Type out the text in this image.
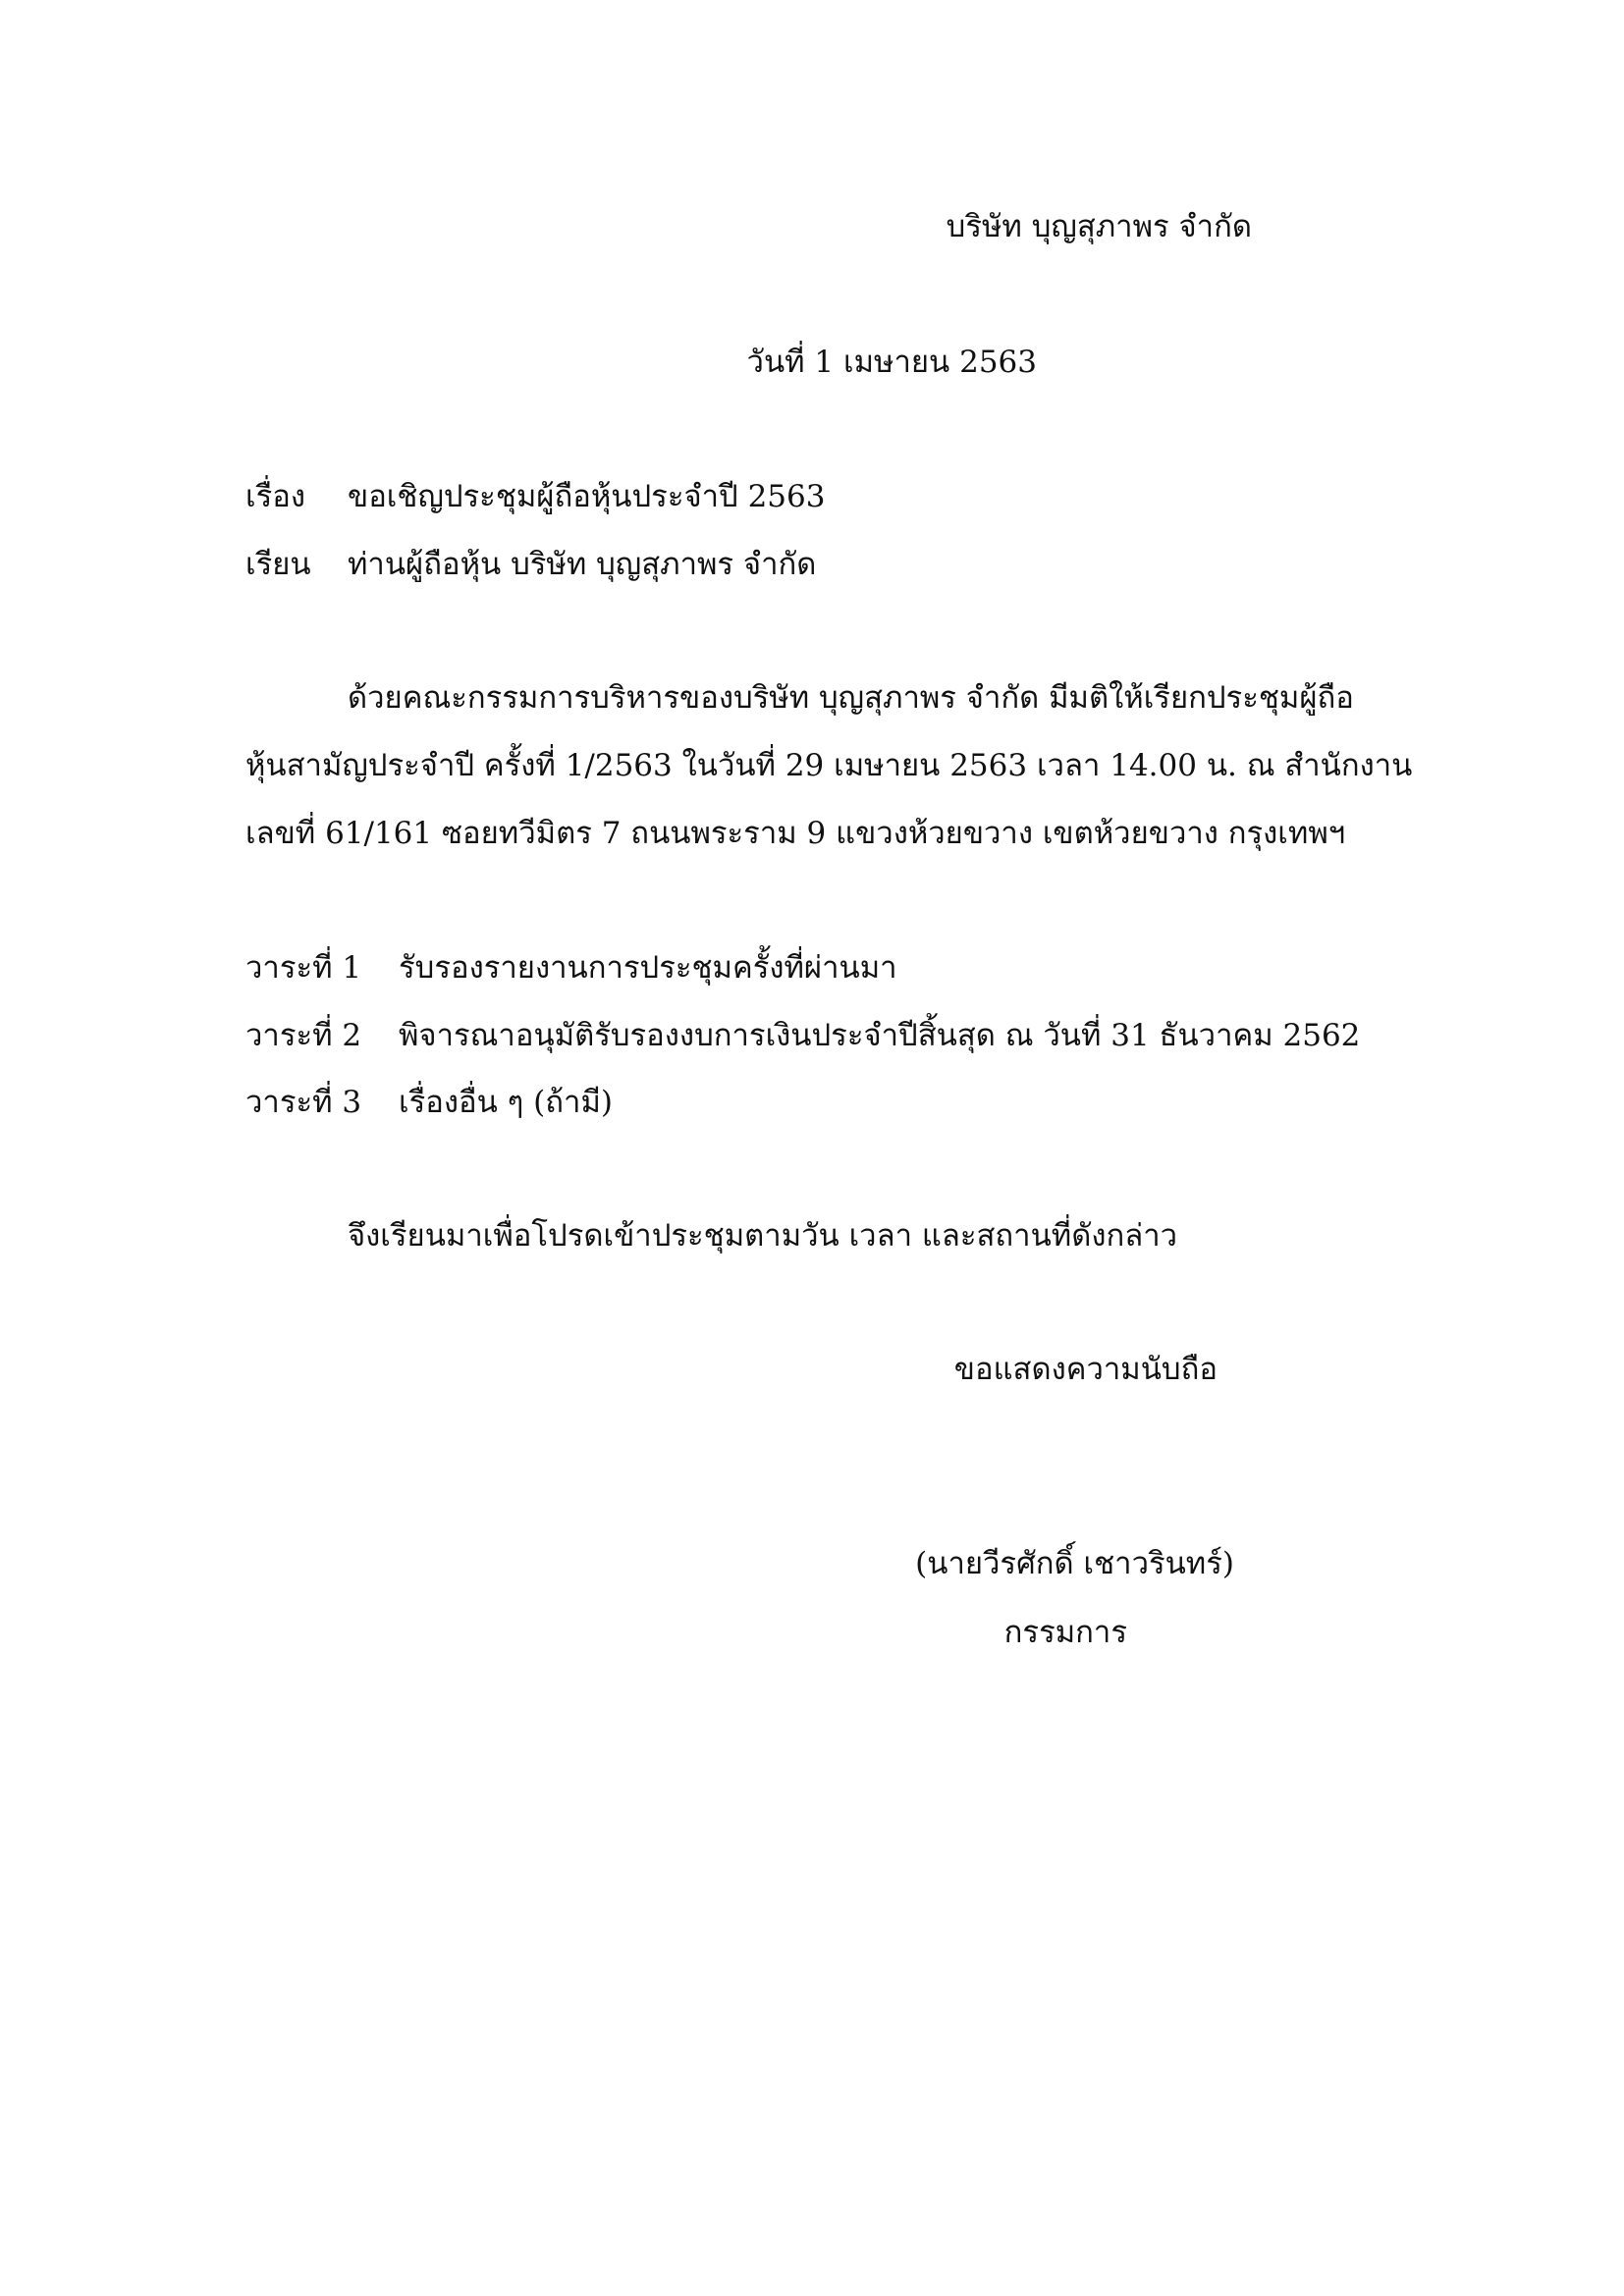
บริษัท บุญสุภาพร จำกัด
วันที่ 1 เมษายน 2563
เรื่อง ขอเชิญประชุมผู้ถือหุ้นประจำปี 2563
เรียน ท่านผู้ถือหุ้น บริษัท บุญสุภาพร จำกัด
ด้วยคณะกรรมการบริหารของบริษัท บุญสุภาพร จำกัด มีมติให้เรียกประชุมผู้ถือ
หุ้นสามัญประจำปี ครั้งที่ 1/2563 ในวันที่ 29 เมษายน 2563 เวลา 14.00 น. ณ สำนักงาน
เลขที่ 61/161 ซอยทวีมิตร 7 ถนนพระราม 9 แขวงห้วยขวาง เขตห้วยขวาง กรุงเทพฯ
วาระที่ 1 รับรองรายงานการประชุมครั้งที่ผ่านมา
วาระที่ 2 พิจารณาอนุมัติรับรองงบการเงินประจำปีสิ้นสุด ณ วันที่ 31 ธันวาคม 2562
วาระที่ 3 เรื่องอื่น ๆ (ถ้ามี)
จึงเรียนมาเพื่อโปรดเข้าประชุมตามวัน เวลา และสถานที่ดังกล่าว
ขอแสดงความนับถือ
(นายวีรศักดิ์ เชาวรินทร์)
กรรมการ
